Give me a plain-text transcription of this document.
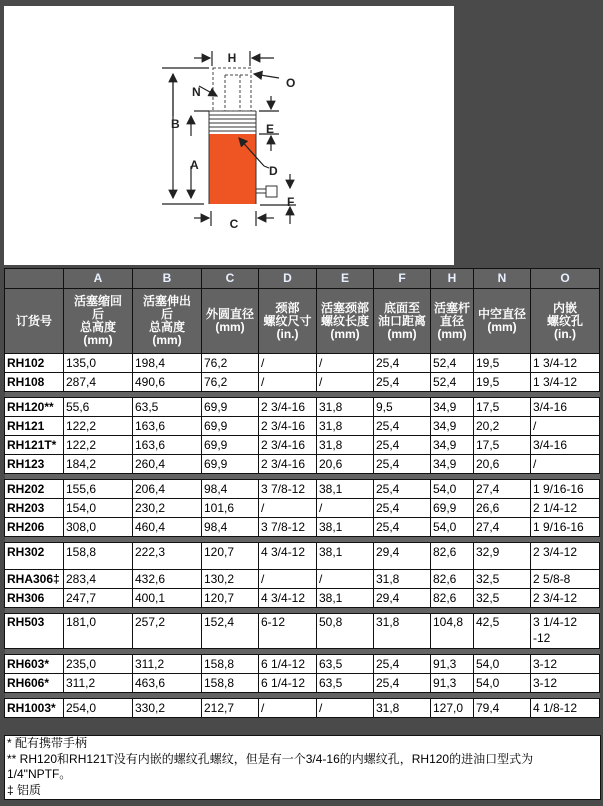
H
O
N
B	E
A	D
F
C
	A	B	C	D	E	F	H	N	O
订货号	活塞缩回
后
总高度
(mm)	活塞伸出
后
总高度
(mm)	外圆直径
(mm)	颈部
螺纹尺寸
(in.)	活塞颈部
螺纹长度
(mm)	底面至
油口距离
(mm)	活塞杆
直径
(mm)	中空直径
(mm)	内嵌
螺纹孔
(in.)

RH102	135,0	198,4	76,2	/	/	25,4	52,4	19,5	1 3/4-12
RH108	287,4	490,6	76,2	/	/	25,4	52,4	19,5	1 3/4-12

RH120**	55,6	63,5	69,9	2 3/4-16	31,8	9,5	34,9	17,5	3/4-16
RH121	122,2	163,6	69,9	2 3/4-16	31,8	25,4	34,9	20,2	/
RH121T*	122,2	163,6	69,9	2 3/4-16	31,8	25,4	34,9	17,5	3/4-16
RH123	184,2	260,4	69,9	2 3/4-16	20,6	25,4	34,9	20,6	/

RH202	155,6	206,4	98,4	3 7/8-12	38,1	25,4	54,0	27,4	1 9/16-16
RH203	154,0	230,2	101,6	/	/	25,4	69,9	26,6	2 1/4-12
RH206	308,0	460,4	98,4	3 7/8-12	38,1	25,4	54,0	27,4	1 9/16-16

RH302	158,8	222,3	120,7	4 3/4-12	38,1	29,4	82,6	32,9	2 3/4-12
RHA306‡	283,4	432,6	130,2	/	/	31,8	82,6	32,5	2 5/8-8
RH306	247,7	400,1	120,7	4 3/4-12	38,1	29,4	82,6	32,5	2 3/4-12

RH503	181,0	257,2	152,4	6-12	50,8	31,8	104,8	42,5	3 1/4-12 -12

RH603*	235,0	311,2	158,8	6 1/4-12	63,5	25,4	91,3	54,0	3-12
RH606*	311,2	463,6	158,8	6 1/4-12	63,5	25,4	91,3	54,0	3-12

RH1003*	254,0	330,2	212,7	/	/	31,8	127,0	79,4	4 1/8-12
* 配有携带手柄
** RH120和RH121T没有内嵌的螺纹孔螺纹，但是有一个3/4-16的内螺纹孔，RH120的进油口型式为
1/4"NPTF。
‡ 铝质
